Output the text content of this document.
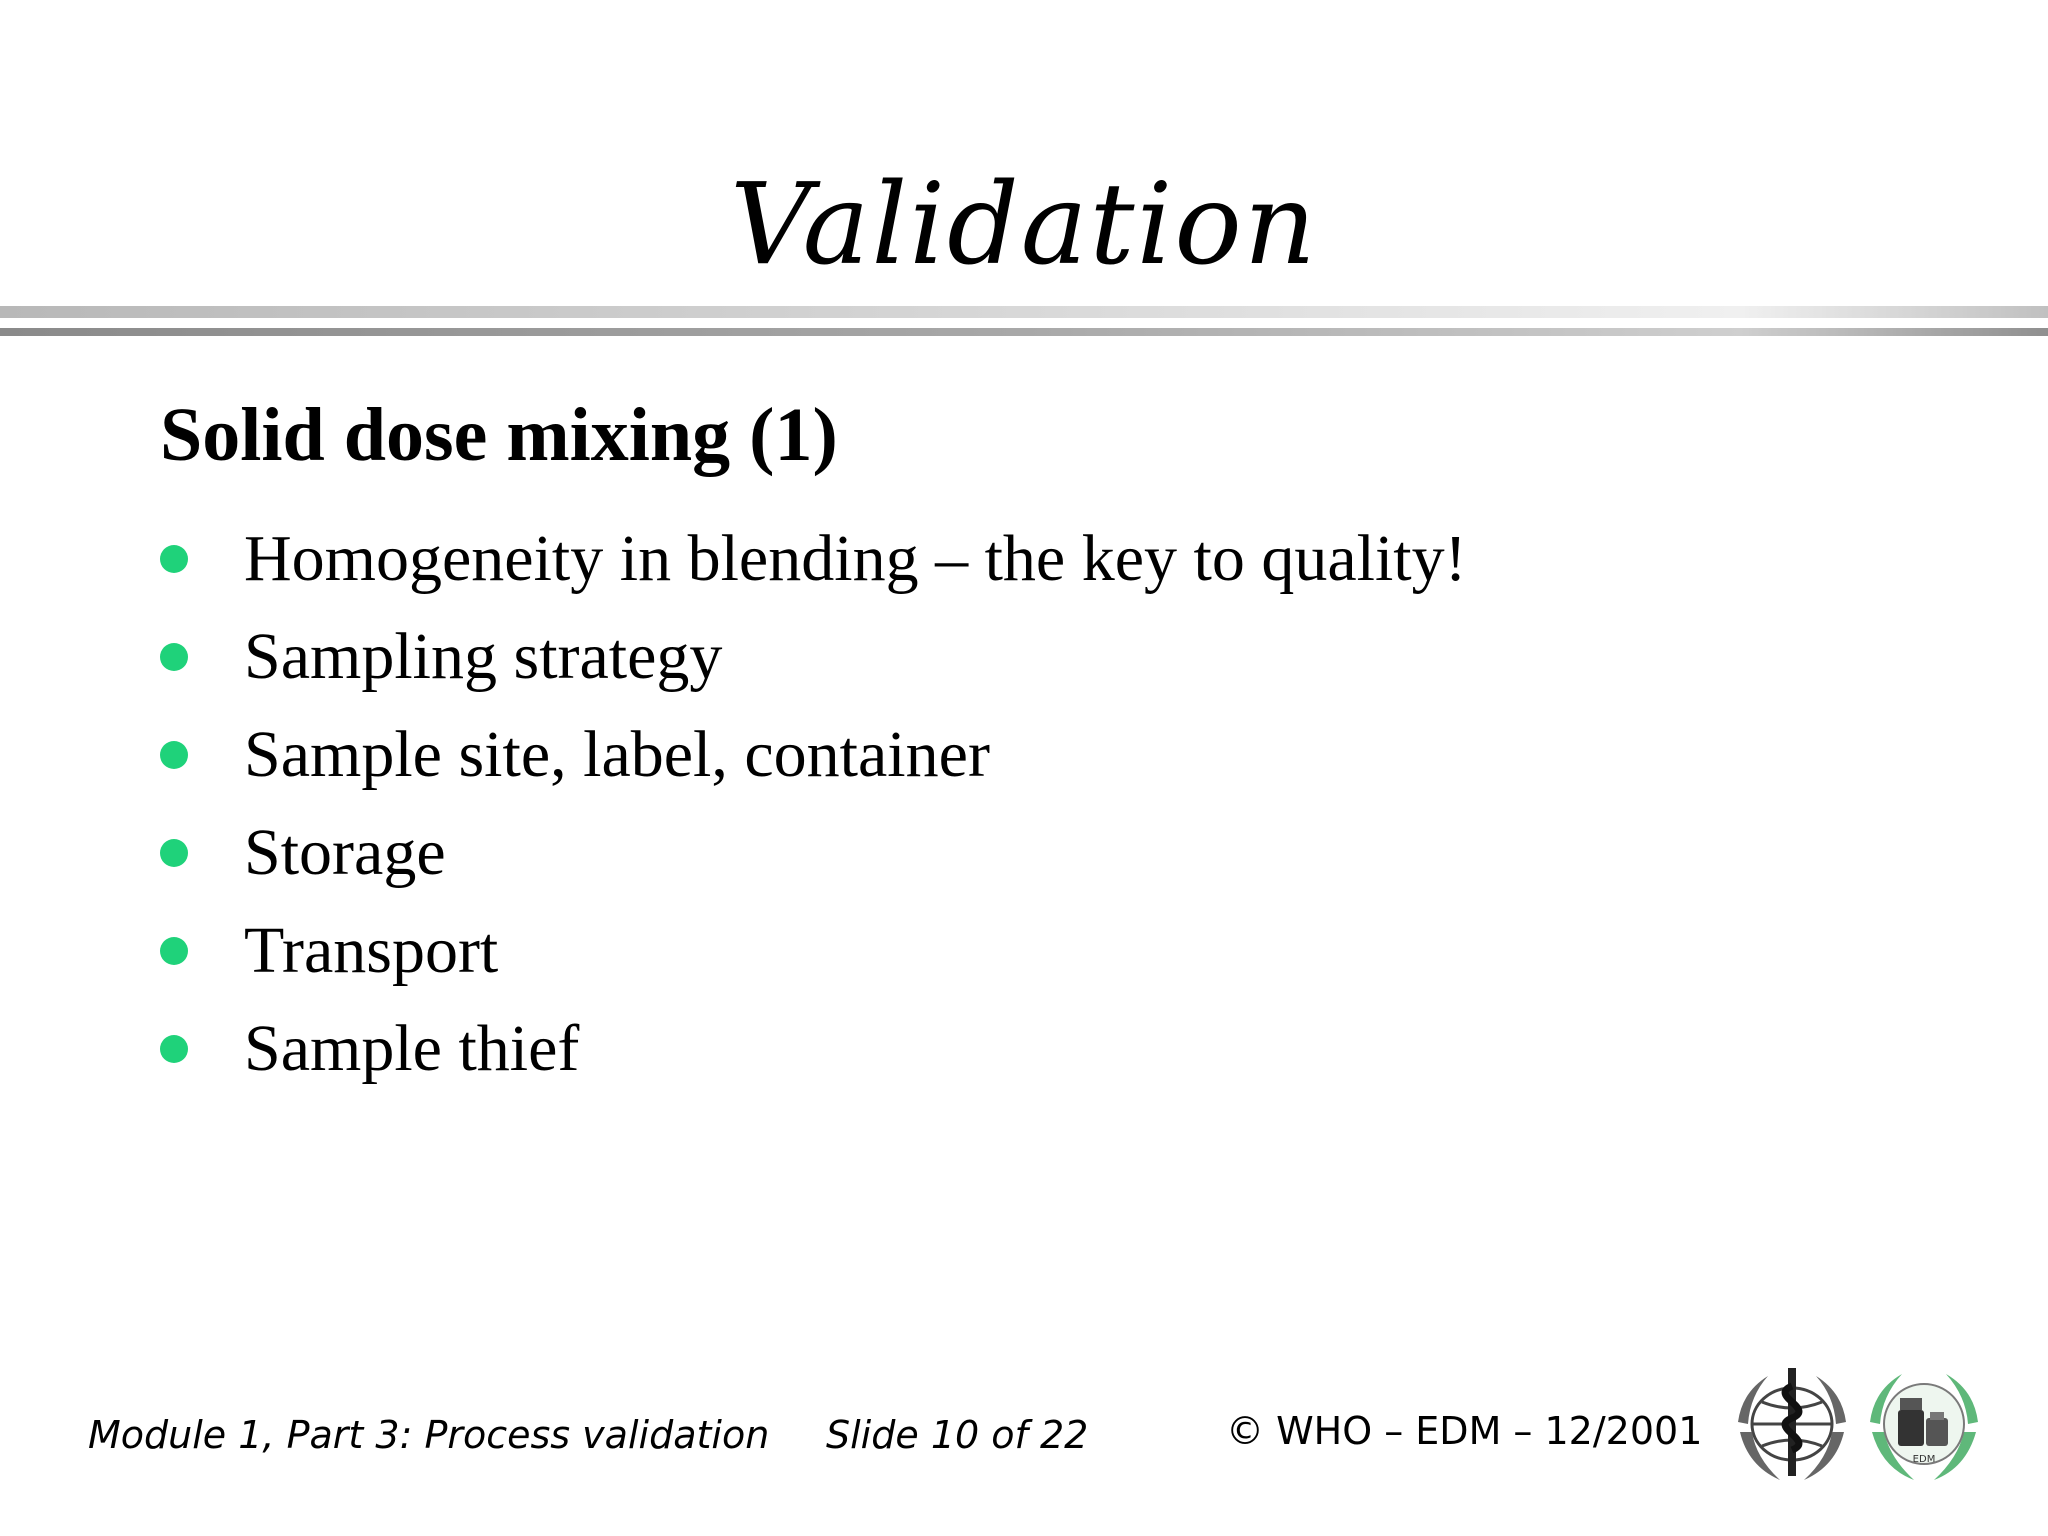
Validation
Solid dose mixing (1)
Homogeneity in blending – the key to quality!
Sampling strategy
Sample site, label, container
Storage
Transport
Sample thief
Module 1, Part 3: Process validation Slide 10 of 22	© WHO – EDM – 12/2001
EDM
